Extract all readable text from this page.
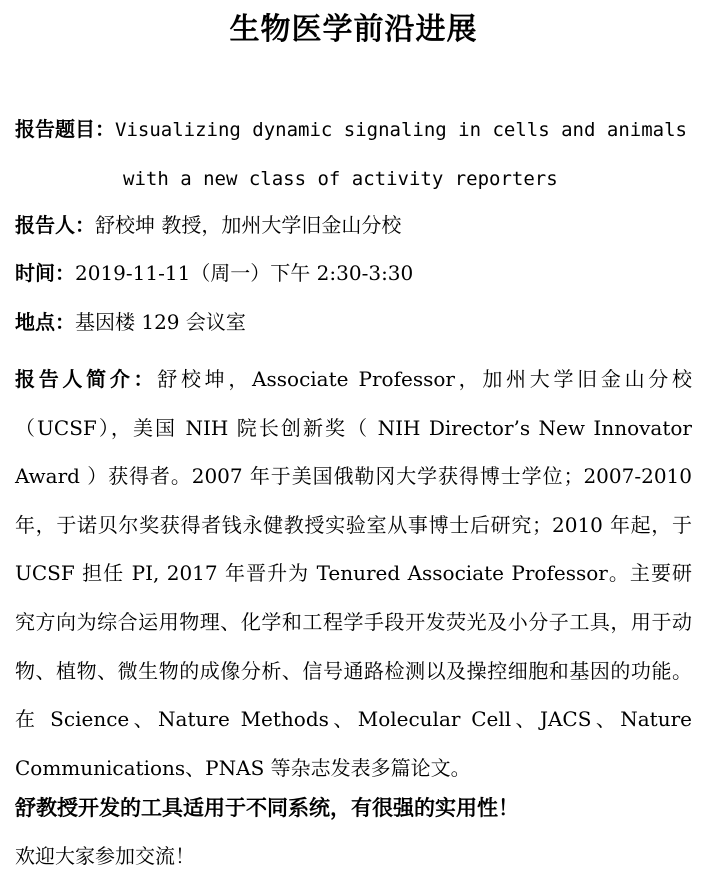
生物医学前沿进展
报告题目：Visualizing dynamic signaling in cells and animals
with a new class of activity reporters
报告人：舒校坤 教授，加州大学旧金山分校
时间：2019-11-11（周一）下午 2:30-3:30
地点：基因楼 129 会议室
报告人简介：舒校坤，Associate Professor，加州大学旧金山分校（UCSF），美国 NIH 院长创新奖（ NIH Director’s New Innovator Award ）获得者。2007 年于美国俄勒冈大学获得博士学位；2007-2010 年，于诺贝尔奖获得者钱永健教授实验室从事博士后研究；2010 年起，于 UCSF 担任 PI, 2017 年晋升为 Tenured Associate Professor。主要研究方向为综合运用物理、化学和工程学手段开发荧光及小分子工具，用于动物、植物、微生物的成像分析、信号通路检测以及操控细胞和基因的功能。在 Science、Nature Methods、Molecular Cell、JACS、Nature Communications、PNAS 等杂志发表多篇论文。
舒教授开发的工具适用于不同系统，有很强的实用性！
欢迎大家参加交流！
